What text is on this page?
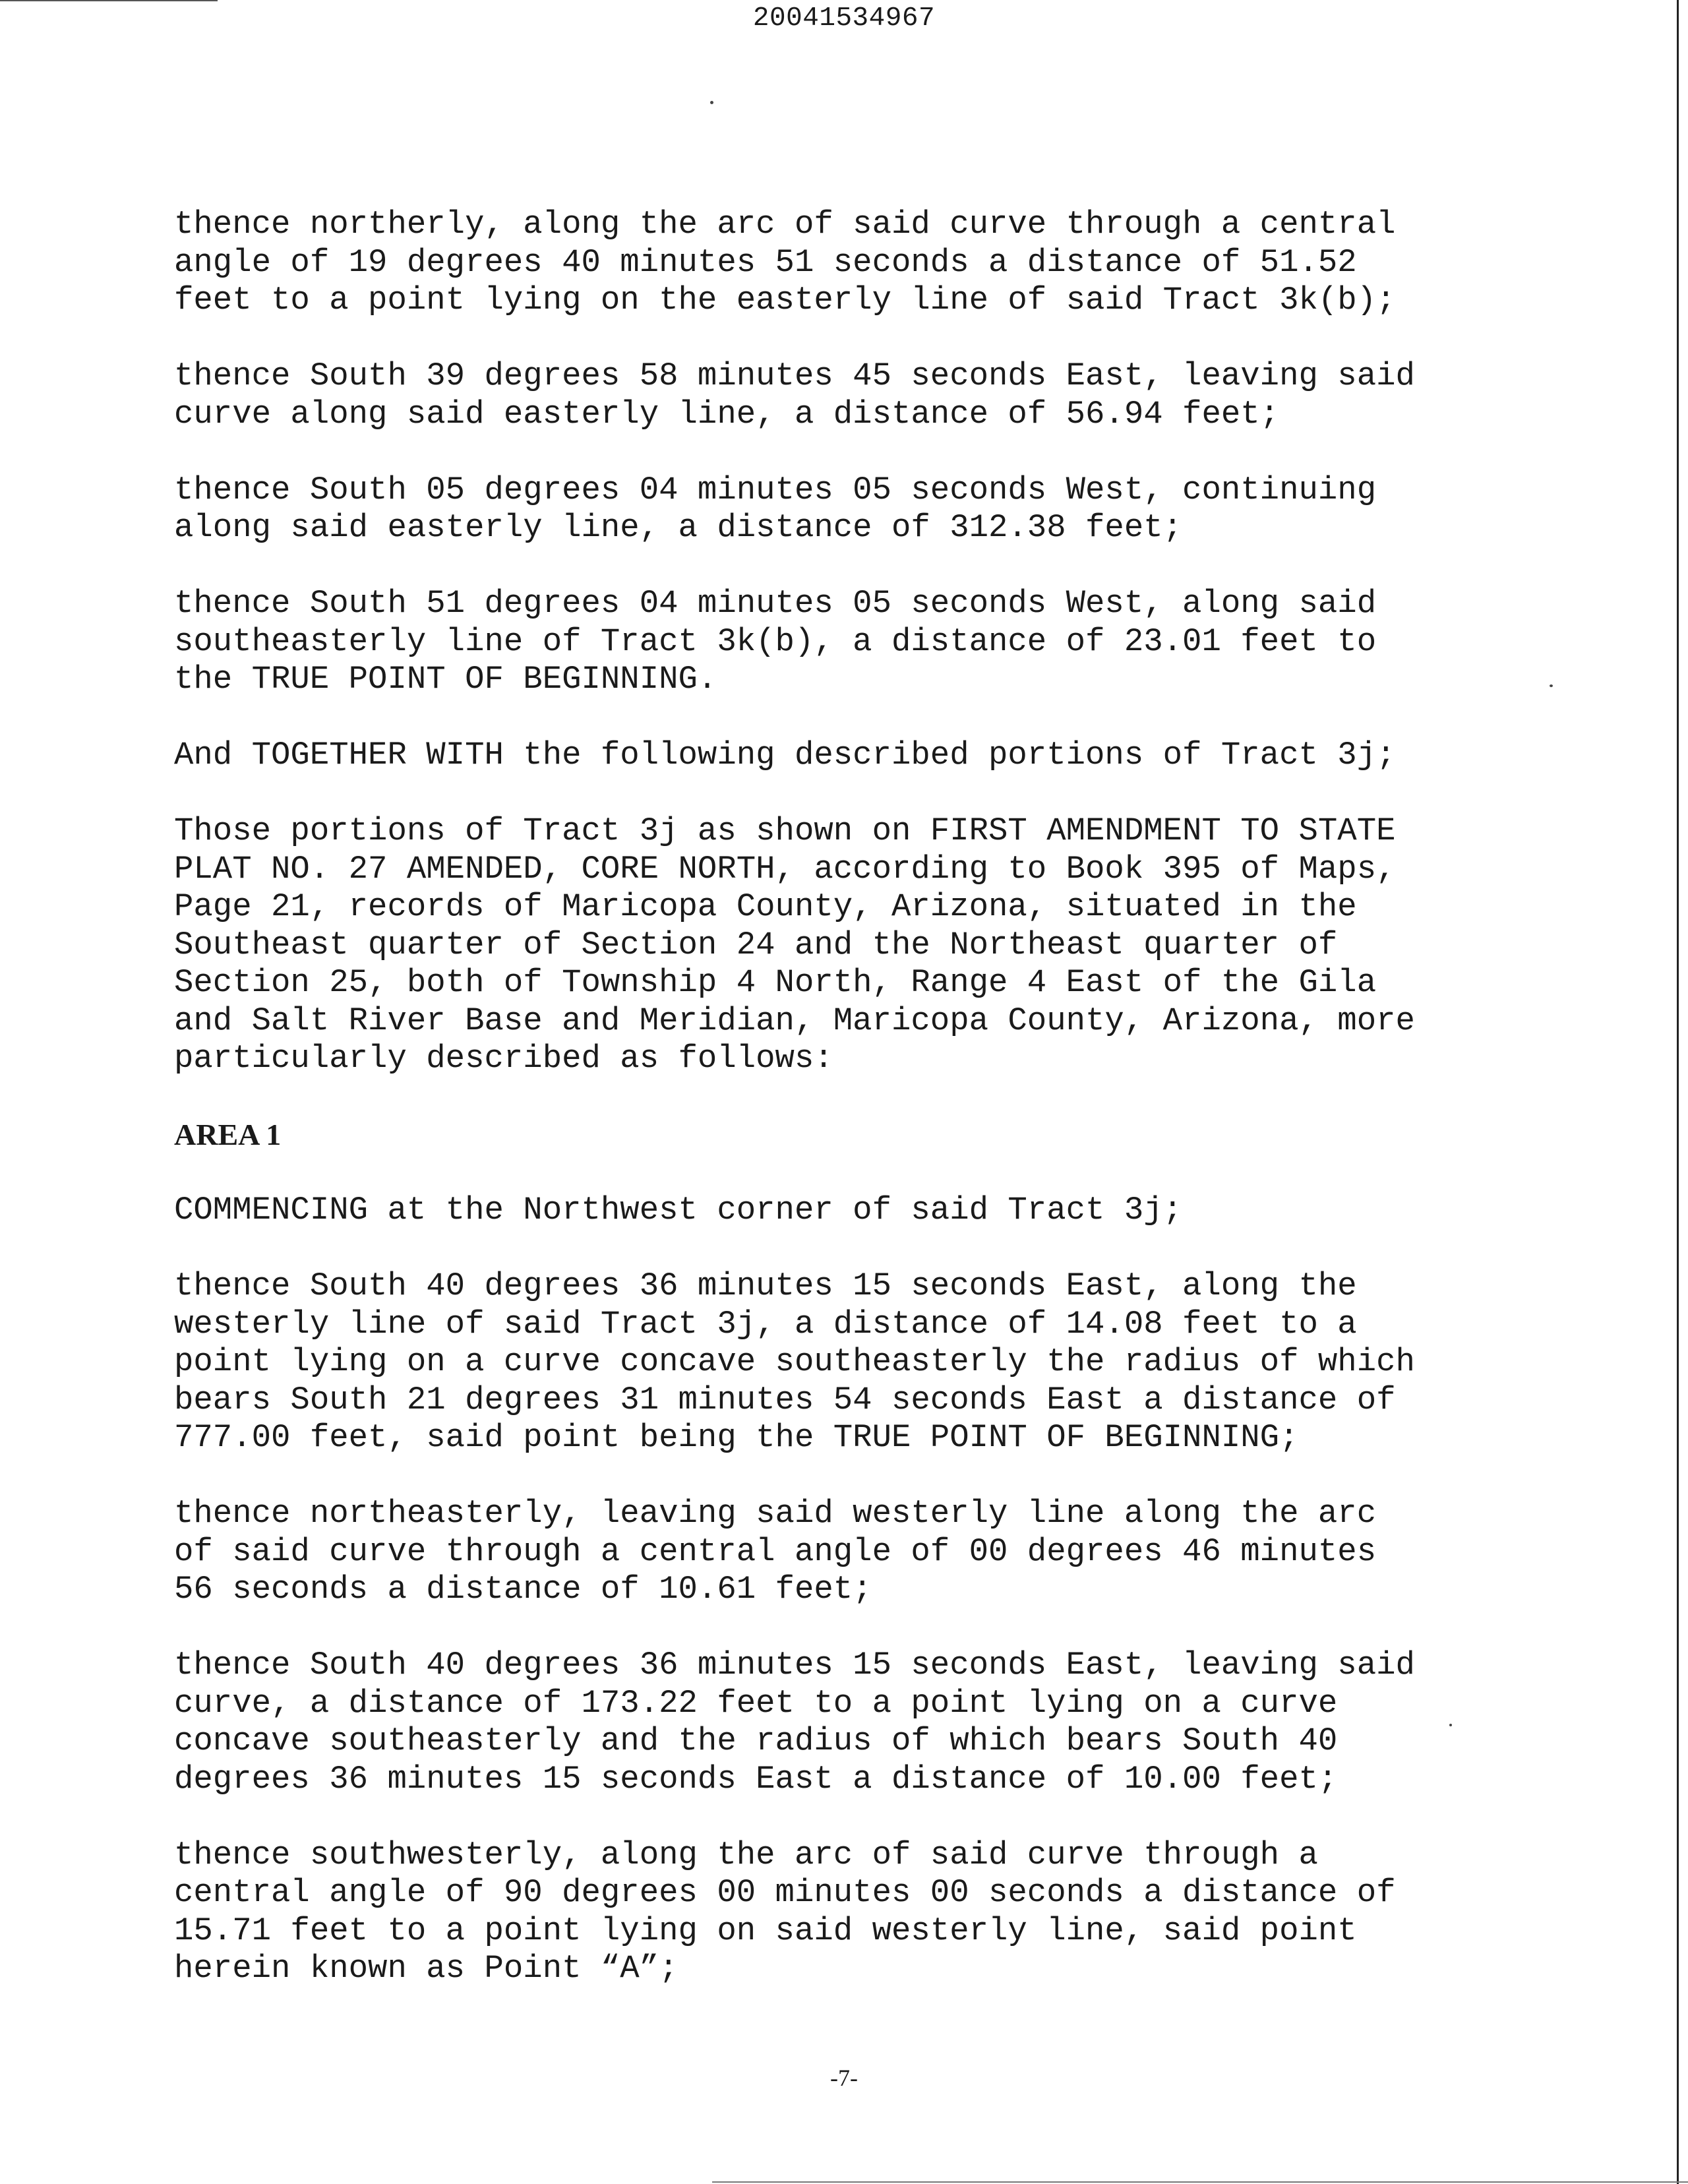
20041534967
thence northerly, along the arc of said curve through a central
angle of 19 degrees 40 minutes 51 seconds a distance of 51.52
feet to a point lying on the easterly line of said Tract 3k(b);
thence South 39 degrees 58 minutes 45 seconds East, leaving said
curve along said easterly line, a distance of 56.94 feet;
thence South 05 degrees 04 minutes 05 seconds West, continuing
along said easterly line, a distance of 312.38 feet;
thence South 51 degrees 04 minutes 05 seconds West, along said
southeasterly line of Tract 3k(b), a distance of 23.01 feet to
the TRUE POINT OF BEGINNING.
And TOGETHER WITH the following described portions of Tract 3j;
Those portions of Tract 3j as shown on FIRST AMENDMENT TO STATE
PLAT NO. 27 AMENDED, CORE NORTH, according to Book 395 of Maps,
Page 21, records of Maricopa County, Arizona, situated in the
Southeast quarter of Section 24 and the Northeast quarter of
Section 25, both of Township 4 North, Range 4 East of the Gila
and Salt River Base and Meridian, Maricopa County, Arizona, more
particularly described as follows:
AREA 1
COMMENCING at the Northwest corner of said Tract 3j;
thence South 40 degrees 36 minutes 15 seconds East, along the
westerly line of said Tract 3j, a distance of 14.08 feet to a
point lying on a curve concave southeasterly the radius of which
bears South 21 degrees 31 minutes 54 seconds East a distance of
777.00 feet, said point being the TRUE POINT OF BEGINNING;
thence northeasterly, leaving said westerly line along the arc
of said curve through a central angle of 00 degrees 46 minutes
56 seconds a distance of 10.61 feet;
thence South 40 degrees 36 minutes 15 seconds East, leaving said
curve, a distance of 173.22 feet to a point lying on a curve
concave southeasterly and the radius of which bears South 40
degrees 36 minutes 15 seconds East a distance of 10.00 feet;
thence southwesterly, along the arc of said curve through a
central angle of 90 degrees 00 minutes 00 seconds a distance of
15.71 feet to a point lying on said westerly line, said point
herein known as Point “A”;
-7-
